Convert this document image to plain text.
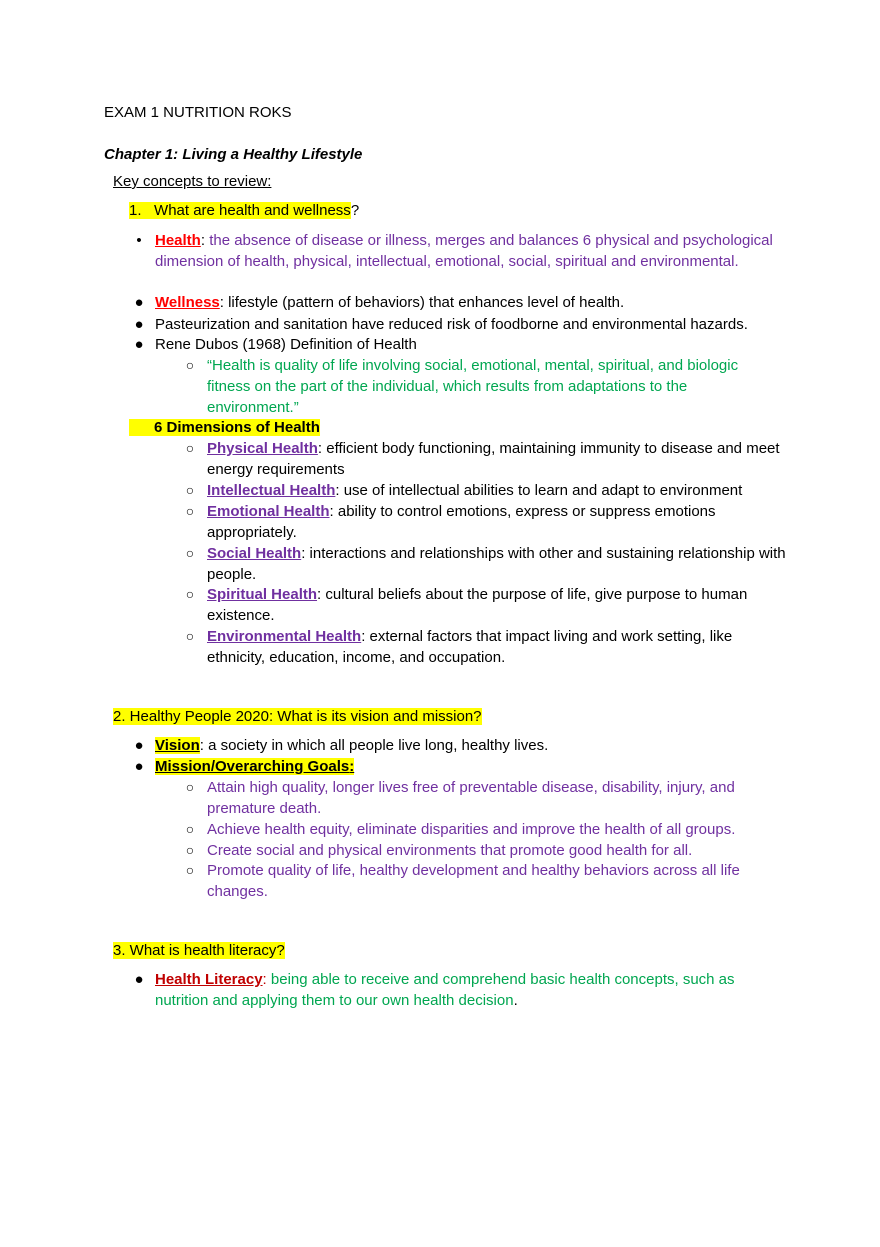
EXAM 1 NUTRITION ROKS
Chapter 1: Living a Healthy Lifestyle
Key concepts to review:
1. What are health and wellness?
• Health: the absence of disease or illness, merges and balances 6 physical and psychological dimension of health, physical, intellectual, emotional, social, spiritual and environmental.
● Wellness: lifestyle (pattern of behaviors) that enhances level of health.
● Pasteurization and sanitation have reduced risk of foodborne and environmental hazards.
● Rene Dubos (1968) Definition of Health
○ “Health is quality of life involving social, emotional, mental, spiritual, and biologic fitness on the part of the individual, which results from adaptations to the environment.”
6 Dimensions of Health
○ Physical Health: efficient body functioning, maintaining immunity to disease and meet energy requirements
○ Intellectual Health: use of intellectual abilities to learn and adapt to environment
○ Emotional Health: ability to control emotions, express or suppress emotions appropriately.
○ Social Health: interactions and relationships with other and sustaining relationship with people.
○ Spiritual Health: cultural beliefs about the purpose of life, give purpose to human existence.
○ Environmental Health: external factors that impact living and work setting, like ethnicity, education, income, and occupation.
2. Healthy People 2020: What is its vision and mission?
● Vision: a society in which all people live long, healthy lives.
● Mission/Overarching Goals:
○ Attain high quality, longer lives free of preventable disease, disability, injury, and premature death.
○ Achieve health equity, eliminate disparities and improve the health of all groups.
○ Create social and physical environments that promote good health for all.
○ Promote quality of life, healthy development and healthy behaviors across all life changes.
3. What is health literacy?
● Health Literacy: being able to receive and comprehend basic health concepts, such as nutrition and applying them to our own health decision.
